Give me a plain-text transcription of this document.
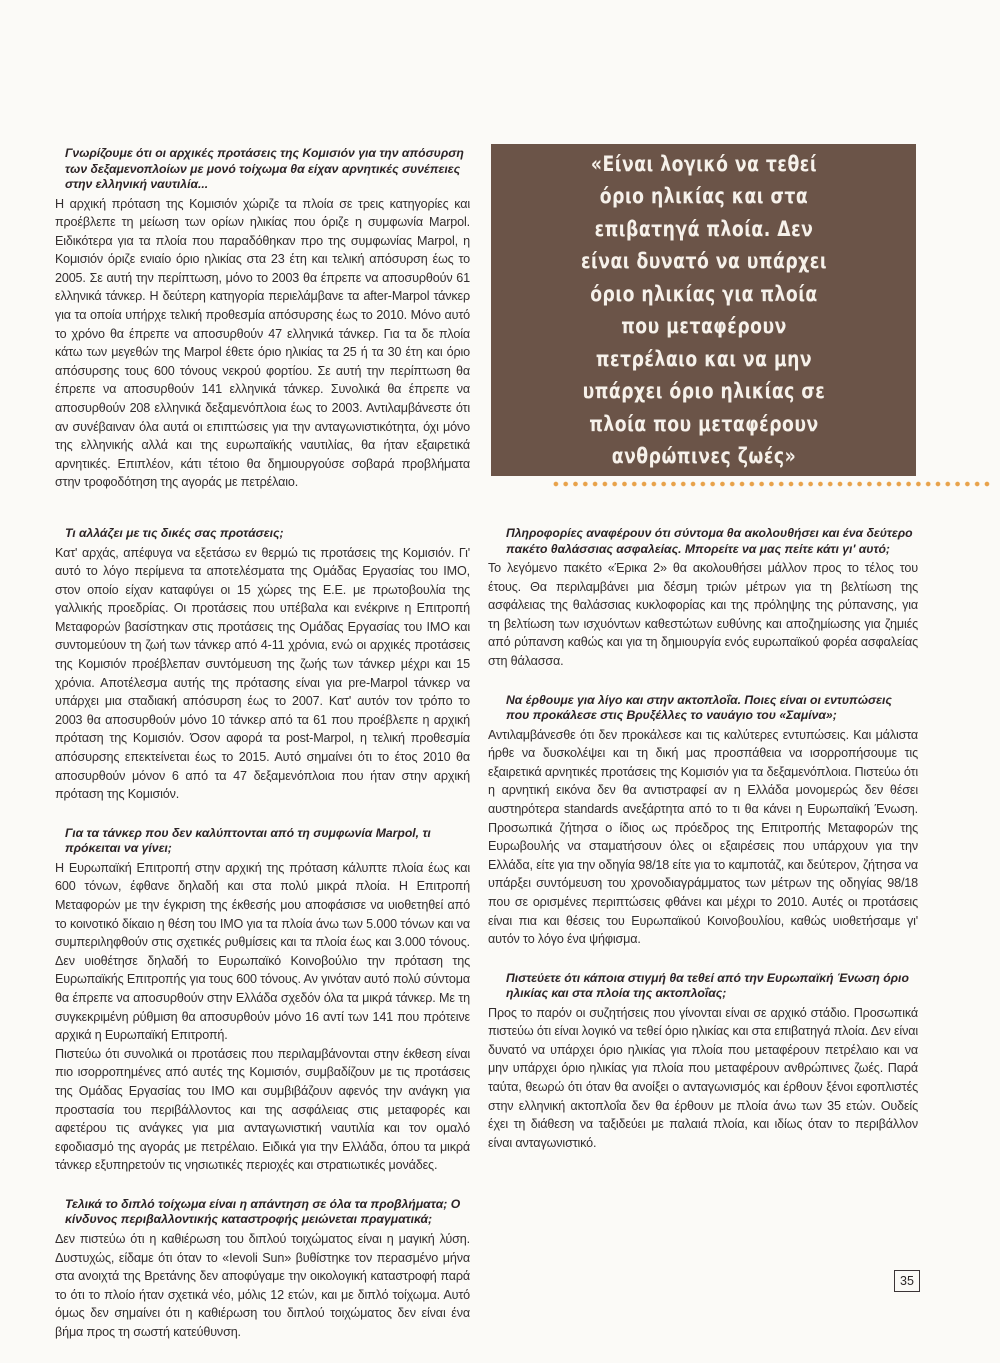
Γνωρίζουμε ότι οι αρχικές προτάσεις της Κομισιόν για την απόσυρση των δεξαμενοπλοίων με μονό τοίχωμα θα είχαν αρνητικές συνέπειες στην ελληνική ναυτιλία...

Η αρχική πρόταση της Κομισιόν χώριζε τα πλοία σε τρεις κατηγορίες και προέβλεπε τη μείωση των ορίων ηλικίας που όριζε η συμφωνία Marpol. Ειδικότερα για τα πλοία που παραδόθηκαν προ της συμφωνίας Marpol, η Κομισιόν όριζε ενιαίο όριο ηλικίας στα 23 έτη και τελική απόσυρση έως το 2005. Σε αυτή την περίπτωση, μόνο το 2003 θα έπρεπε να αποσυρθούν 61 ελληνικά τάνκερ. Η δεύτερη κατηγορία περιελάμβανε τα after-Marpol τάνκερ για τα οποία υπήρχε τελική προθεσμία απόσυρσης έως το 2010. Μόνο αυτό το χρόνο θα έπρεπε να αποσυρθούν 47 ελληνικά τάνκερ. Για τα δε πλοία κάτω των μεγεθών της Marpol έθετε όριο ηλικίας τα 25 ή τα 30 έτη και όριο απόσυρσης τους 600 τόνους νεκρού φορτίου. Σε αυτή την περίπτωση θα έπρεπε να αποσυρθούν 141 ελληνικά τάνκερ. Συνολικά θα έπρεπε να αποσυρθούν 208 ελληνικά δεξαμενόπλοια έως το 2003. Αντιλαμβάνεστε ότι αν συνέβαιναν όλα αυτά οι επιπτώσεις για την ανταγωνιστικότητα, όχι μόνο της ελληνικής αλλά και της ευρωπαϊκής ναυτιλίας, θα ήταν εξαιρετικά αρνητικές. Επιπλέον, κάτι τέτοιο θα δημιουργούσε σοβαρά προβλήματα στην τροφοδότηση της αγοράς με πετρέλαιο.

«Είναι λογικό να τεθεί όριο ηλικίας και στα επιβατηγά πλοία. Δεν είναι δυνατό να υπάρχει όριο ηλικίας για πλοία που μεταφέρουν πετρέλαιο και να μην υπάρχει όριο ηλικίας σε πλοία που μεταφέρουν ανθρώπινες ζωές»

Τι αλλάζει με τις δικές σας προτάσεις;

Κατ' αρχάς, απέφυγα να εξετάσω εν θερμώ τις προτάσεις της Κομισιόν. Γι' αυτό το λόγο περίμενα τα αποτελέσματα της Ομάδας Εργασίας του IMO, στον οποίο είχαν καταφύγει οι 15 χώρες της Ε.Ε. με πρωτοβουλία της γαλλικής προεδρίας. Οι προτάσεις που υπέβαλα και ενέκρινε η Επιτροπή Μεταφορών βασίστηκαν στις προτάσεις της Ομάδας Εργασίας του IMO και συντομεύουν τη ζωή των τάνκερ από 4-11 χρόνια, ενώ οι αρχικές προτάσεις της Κομισιόν προέβλεπαν συντόμευση της ζωής των τάνκερ μέχρι και 15 χρόνια. Αποτέλεσμα αυτής της πρότασης είναι για pre-Marpol τάνκερ να υπάρχει μια σταδιακή απόσυρση έως το 2007. Κατ' αυτόν τον τρόπο το 2003 θα αποσυρθούν μόνο 10 τάνκερ από τα 61 που προέβλεπε η αρχική πρόταση της Κομισιόν. Όσον αφορά τα post-Marpol, η τελική προθεσμία απόσυρσης επεκτείνεται έως το 2015. Αυτό σημαίνει ότι το έτος 2010 θα αποσυρθούν μόνον 6 από τα 47 δεξαμενόπλοια που ήταν στην αρχική πρόταση της Κομισιόν.

Για τα τάνκερ που δεν καλύπτονται από τη συμφωνία Marpol, τι πρόκειται να γίνει;

Η Ευρωπαϊκή Επιτροπή στην αρχική της πρόταση κάλυπτε πλοία έως και 600 τόνων, έφθανε δηλαδή και στα πολύ μικρά πλοία. Η Επιτροπή Μεταφορών με την έγκριση της έκθεσής μου αποφάσισε να υιοθετηθεί από το κοινοτικό δίκαιο η θέση του IMO για τα πλοία άνω των 5.000 τόνων και να συμπεριληφθούν στις σχετικές ρυθμίσεις και τα πλοία έως και 3.000 τόνους. Δεν υιοθέτησε δηλαδή το Ευρωπαϊκό Κοινοβούλιο την πρόταση της Ευρωπαϊκής Επιτροπής για τους 600 τόνους. Αν γινόταν αυτό πολύ σύντομα θα έπρεπε να αποσυρθούν στην Ελλάδα σχεδόν όλα τα μικρά τάνκερ. Με τη συγκεκριμένη ρύθμιση θα αποσυρθούν μόνο 16 αντί των 141 που πρότεινε αρχικά η Ευρωπαϊκή Επιτροπή.

Πιστεύω ότι συνολικά οι προτάσεις που περιλαμβάνονται στην έκθεση είναι πιο ισορροπημένες από αυτές της Κομισιόν, συμβαδίζουν με τις προτάσεις της Ομάδας Εργασίας του IMO και συμβιβάζουν αφενός την ανάγκη για προστασία του περιβάλλοντος και της ασφάλειας στις μεταφορές και αφετέρου τις ανάγκες για μια ανταγωνιστική ναυτιλία και τον ομαλό εφοδιασμό της αγοράς με πετρέλαιο. Ειδικά για την Ελλάδα, όπου τα μικρά τάνκερ εξυπηρετούν τις νησιωτικές περιοχές και στρατιωτικές μονάδες.

Τελικά το διπλό τοίχωμα είναι η απάντηση σε όλα τα προβλήματα; Ο κίνδυνος περιβαλλοντικής καταστροφής μειώνεται πραγματικά;

Δεν πιστεύω ότι η καθιέρωση του διπλού τοιχώματος είναι η μαγική λύση. Δυστυχώς, είδαμε ότι όταν το «Ievoli Sun» βυθίστηκε τον περασμένο μήνα στα ανοιχτά της Βρετάνης δεν αποφύγαμε την οικολογική καταστροφή παρά το ότι το πλοίο ήταν σχετικά νέο, μόλις 12 ετών, και με διπλό τοίχωμα. Αυτό όμως δεν σημαίνει ότι η καθιέρωση του διπλού τοιχώματος δεν είναι ένα βήμα προς τη σωστή κατεύθυνση.

Πληροφορίες αναφέρουν ότι σύντομα θα ακολουθήσει και ένα δεύτερο πακέτο θαλάσσιας ασφαλείας. Μπορείτε να μας πείτε κάτι γι' αυτό;

Το λεγόμενο πακέτο «Έρικα 2» θα ακολουθήσει μάλλον προς το τέλος του έτους. Θα περιλαμβάνει μια δέσμη τριών μέτρων για τη βελτίωση της ασφάλειας της θαλάσσιας κυκλοφορίας και της πρόληψης της ρύπανσης, για τη βελτίωση των ισχυόντων καθεστώτων ευθύνης και αποζημίωσης για ζημιές από ρύπανση καθώς και για τη δημιουργία ενός ευρωπαϊκού φορέα ασφαλείας στη θάλασσα.

Να έρθουμε για λίγο και στην ακτοπλοΐα. Ποιες είναι οι εντυπώσεις που προκάλεσε στις Βρυξέλλες το ναυάγιο του «Σαμίνα»;

Αντιλαμβάνεσθε ότι δεν προκάλεσε και τις καλύτερες εντυπώσεις. Και μάλιστα ήρθε να δυσκολέψει και τη δική μας προσπάθεια να ισορροπήσουμε τις εξαιρετικά αρνητικές προτάσεις της Κομισιόν για τα δεξαμενόπλοια. Πιστεύω ότι η αρνητική εικόνα δεν θα αντιστραφεί αν η Ελλάδα μονομερώς δεν θέσει αυστηρότερα standards ανεξάρτητα από το τι θα κάνει η Ευρωπαϊκή Ένωση. Προσωπικά ζήτησα ο ίδιος ως πρόεδρος της Επιτροπής Μεταφορών της Ευρωβουλής να σταματήσουν όλες οι εξαιρέσεις που υπάρχουν για την Ελλάδα, είτε για την οδηγία 98/18 είτε για το καμποτάζ, και δεύτερον, ζήτησα να υπάρξει συντόμευση του χρονοδιαγράμματος των μέτρων της οδηγίας 98/18 που σε ορισμένες περιπτώσεις φθάνει και μέχρι το 2010. Αυτές οι προτάσεις είναι πια και θέσεις του Ευρωπαϊκού Κοινοβουλίου, καθώς υιοθετήσαμε γι' αυτόν το λόγο ένα ψήφισμα.

Πιστεύετε ότι κάποια στιγμή θα τεθεί από την Ευρωπαϊκή Ένωση όριο ηλικίας και στα πλοία της ακτοπλοΐας;

Προς το παρόν οι συζητήσεις που γίνονται είναι σε αρχικό στάδιο. Προσωπικά πιστεύω ότι είναι λογικό να τεθεί όριο ηλικίας και στα επιβατηγά πλοία. Δεν είναι δυνατό να υπάρχει όριο ηλικίας για πλοία που μεταφέρουν πετρέλαιο και να μην υπάρχει όριο ηλικίας για πλοία που μεταφέρουν ανθρώπινες ζωές. Παρά ταύτα, θεωρώ ότι όταν θα ανοίξει ο ανταγωνισμός και έρθουν ξένοι εφοπλιστές στην ελληνική ακτοπλοΐα δεν θα έρθουν με πλοία άνω των 35 ετών. Ουδείς έχει τη διάθεση να ταξιδεύει με παλαιά πλοία, και ιδίως όταν το περιβάλλον είναι ανταγωνιστικό.

35
